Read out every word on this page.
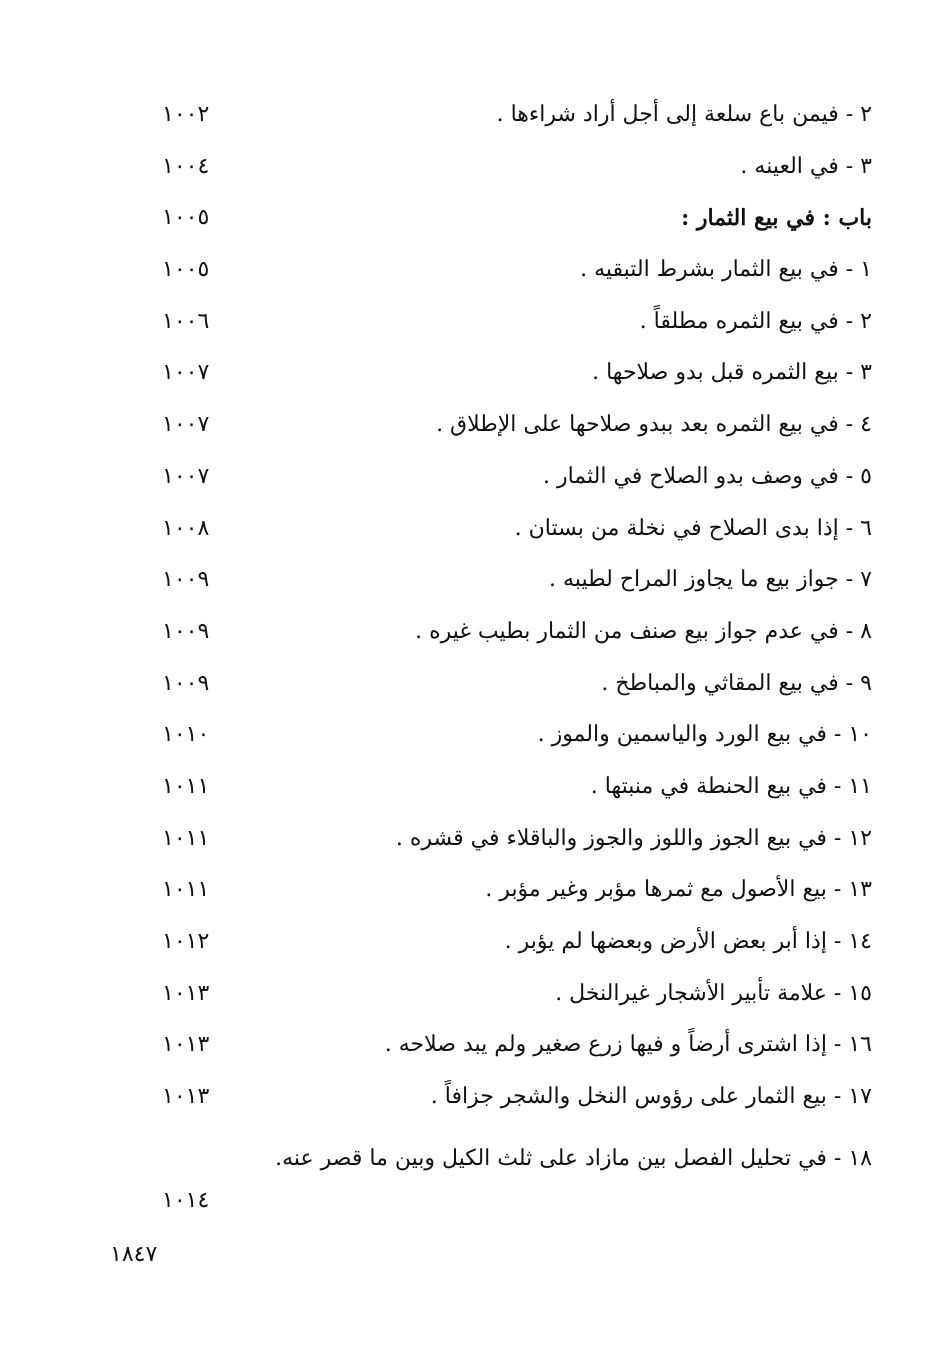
٢ - فيمن باع سلعة إلى أجل أراد شراءها .
١٠٠٢
٣ - في العينه .
١٠٠٤
باب : في بيع الثمار :
١٠٠٥
١ - في بيع الثمار بشرط التبقيه .
١٠٠٥
٢ - في بيع الثمره مطلقاً .
١٠٠٦
٣ - بيع الثمره قبل بدو صلاحها .
١٠٠٧
٤ - في بيع الثمره بعد ببدو صلاحها على الإطلاق .
١٠٠٧
٥ - في وصف بدو الصلاح في الثمار .
١٠٠٧
٦ - إذا بدى الصلاح في نخلة من بستان .
١٠٠٨
٧ - جواز بيع ما يجاوز المراح لطيبه .
١٠٠٩
٨ - في عدم جواز بيع صنف من الثمار بطيب غيره .
١٠٠٩
٩ - في بيع المقاثي والمباطخ .
١٠٠٩
١٠ - في بيع الورد والياسمين والموز .
١٠١٠
١١ - في بيع الحنطة في منبتها .
١٠١١
١٢ - في بيع الجوز واللوز والجوز والباقلاء في قشره .
١٠١١
١٣ - بيع الأصول مع ثمرها مؤبر وغير مؤبر .
١٠١١
١٤ - إذا أبر بعض الأرض وبعضها لم يؤبر .
١٠١٢
١٥ - علامة تأبير الأشجار غيرالنخل .
١٠١٣
١٦ - إذا اشترى أرضاً و فيها زرع صغير ولم يبد صلاحه .
١٠١٣
١٧ - بيع الثمار على رؤوس النخل والشجر جزافاً .
١٠١٣
١٨ - في تحليل الفصل بين مازاد على ثلث الكيل وبين ما قصر عنه.
١٠١٤
١٨٤٧
